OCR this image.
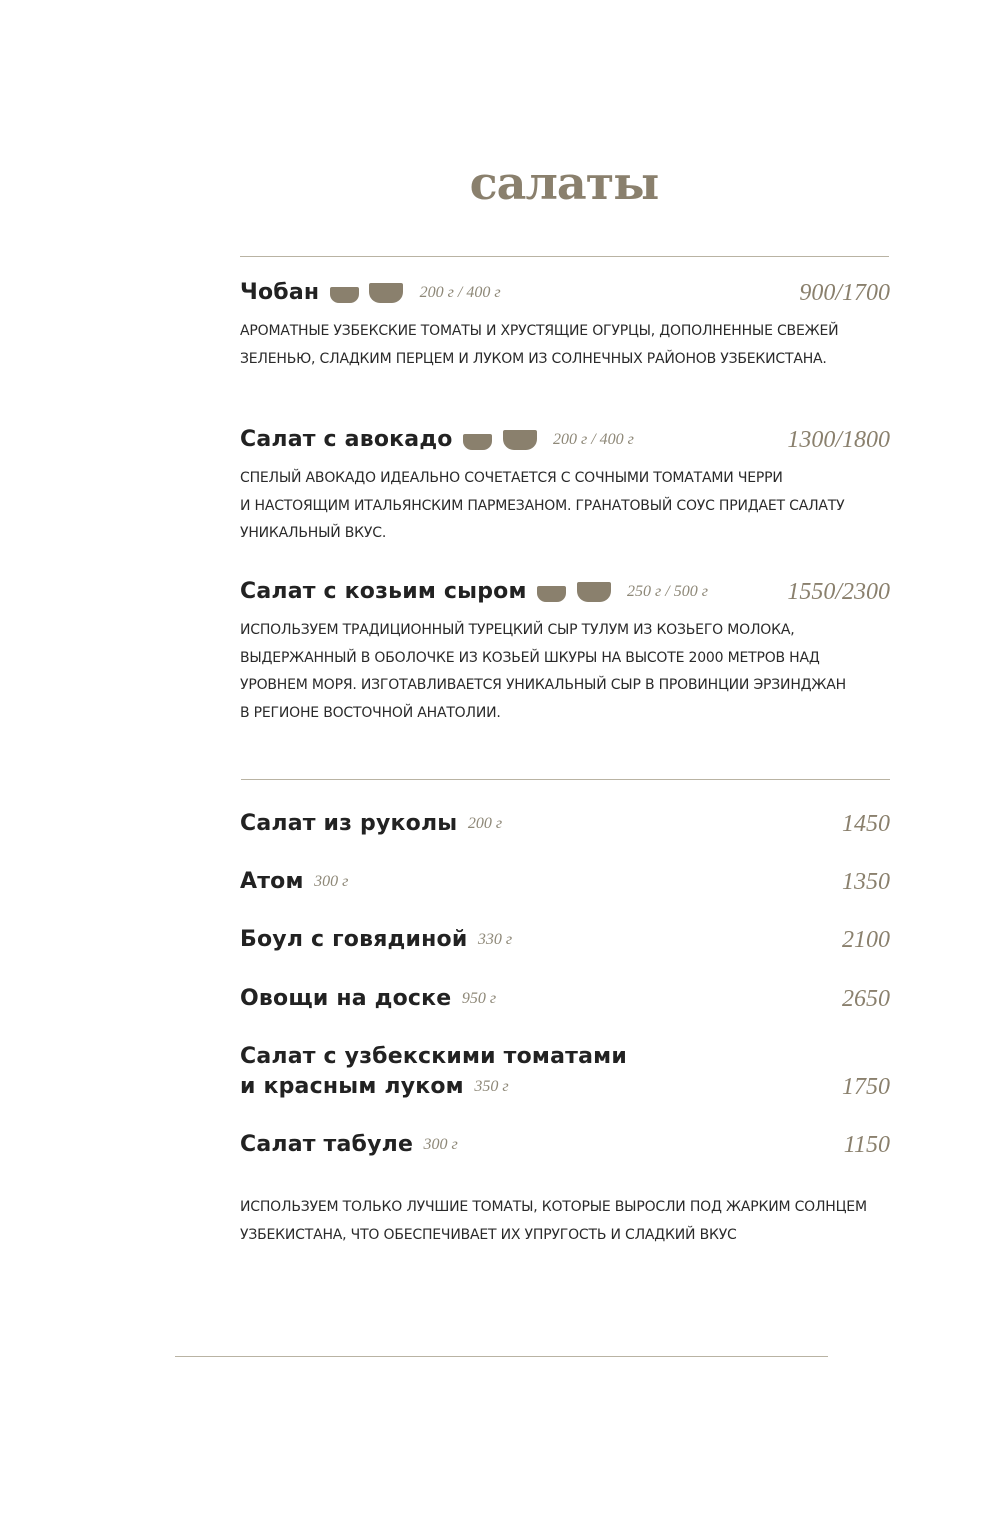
салаты
Чобан	200 г / 400 г	900/1700
АРОМАТНЫЕ УЗБЕКСКИЕ ТОМАТЫ И ХРУСТЯЩИЕ ОГУРЦЫ, ДОПОЛНЕННЫЕ СВЕЖЕЙ
ЗЕЛЕНЬЮ, СЛАДКИМ ПЕРЦЕМ И ЛУКОМ ИЗ СОЛНЕЧНЫХ РАЙОНОВ УЗБЕКИСТАНА.
Салат с авокадо	200 г / 400 г	1300/1800
СПЕЛЫЙ АВОКАДО ИДЕАЛЬНО СОЧЕТАЕТСЯ С СОЧНЫМИ ТОМАТАМИ ЧЕРРИ
И НАСТОЯЩИМ ИТАЛЬЯНСКИМ ПАРМЕЗАНОМ. ГРАНАТОВЫЙ СОУС ПРИДАЕТ САЛАТУ
УНИКАЛЬНЫЙ ВКУС.
Салат с козьим сыром	250 г / 500 г	1550/2300
ИСПОЛЬЗУЕМ ТРАДИЦИОННЫЙ ТУРЕЦКИЙ СЫР ТУЛУМ ИЗ КОЗЬЕГО МОЛОКА,
ВЫДЕРЖАННЫЙ В ОБОЛОЧКЕ ИЗ КОЗЬЕЙ ШКУРЫ НА ВЫСОТЕ 2000 МЕТРОВ НАД
УРОВНЕМ МОРЯ. ИЗГОТАВЛИВАЕТСЯ УНИКАЛЬНЫЙ СЫР В ПРОВИНЦИИ ЭРЗИНДЖАН
В РЕГИОНЕ ВОСТОЧНОЙ АНАТОЛИИ.
Салат из руколы 200 г	1450
Атом 300 г	1350
Боул с говядиной 330 г	2100
Овощи на доске 950 г	2650
Салат с узбекскими томатами
и красным луком 350 г	1750
Салат табуле 300 г	1150
ИСПОЛЬЗУЕМ ТОЛЬКО ЛУЧШИЕ ТОМАТЫ, КОТОРЫЕ ВЫРОСЛИ ПОД ЖАРКИМ СОЛНЦЕМ
УЗБЕКИСТАНА, ЧТО ОБЕСПЕЧИВАЕТ ИХ УПРУГОСТЬ И СЛАДКИЙ ВКУС
